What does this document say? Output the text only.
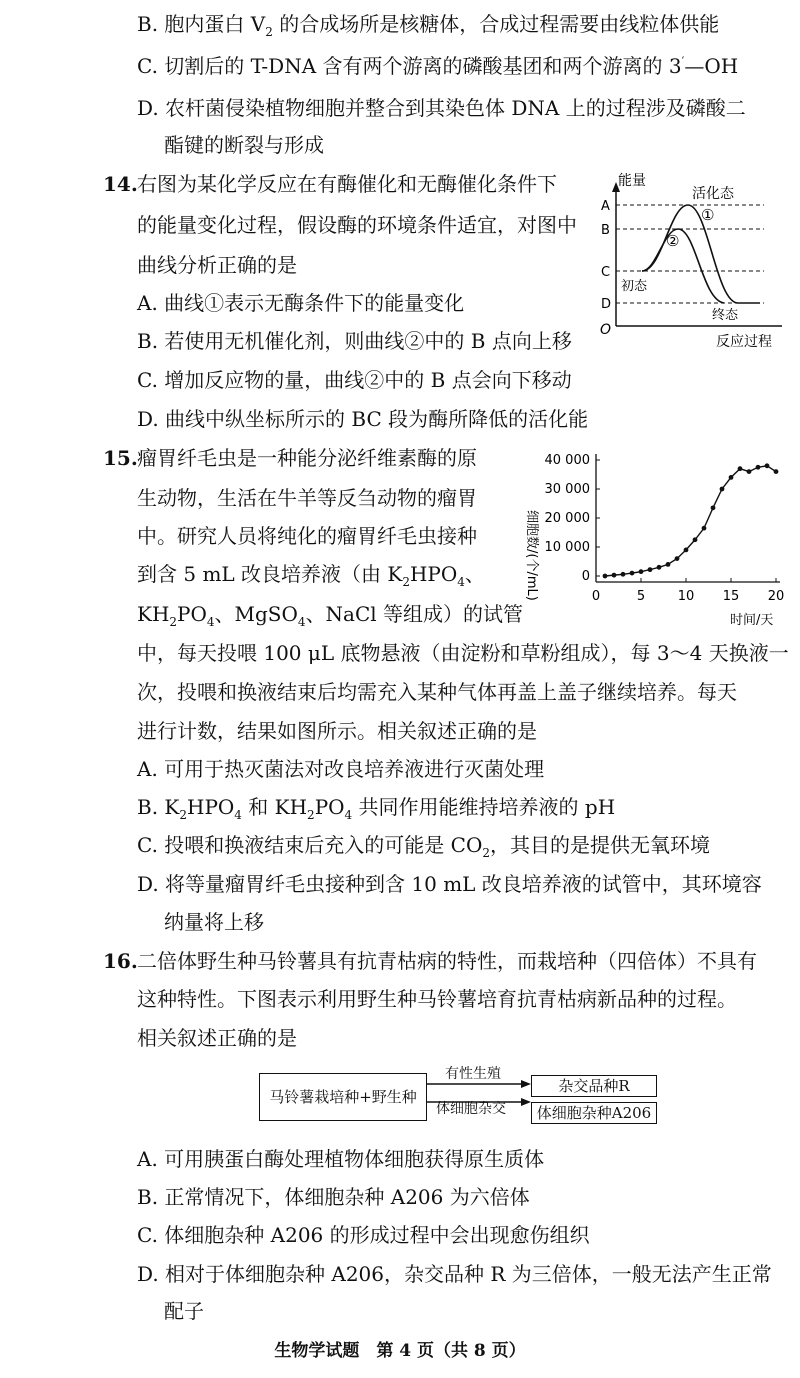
B. 胞内蛋白 $V_2$ 的合成场所是核糖体，合成过程需要由线粒体供能
C. 切割后的 T-DNA 含有两个游离的磷酸基团和两个游离的 3′—OH
D. 农杆菌侵染植物细胞并整合到其染色体 DNA 上的过程涉及磷酸二
酯键的断裂与形成
14. 右图为某化学反应在有酶催化和无酶催化条件下
的能量变化过程，假设酶的环境条件适宜，对图中
曲线分析正确的是
A. 曲线①表示无酶条件下的能量变化
B. 若使用无机催化剂，则曲线②中的 B 点向上移
C. 增加反应物的量，曲线②中的 B 点会向下移动
D. 曲线中纵坐标所示的 BC 段为酶所降低的活化能
能量
O
反应过程
A
B
C
D
活化态
①
②
初态
终态
15. 瘤胃纤毛虫是一种能分泌纤维素酶的原
生动物，生活在牛羊等反刍动物的瘤胃
中。研究人员将纯化的瘤胃纤毛虫接种
到含 5 mL 改良培养液（由 $K_2HPO_4$、
$KH_2PO_4$、MgSO$_4$、NaCl 等组成）的试管
中，每天投喂 100 μL 底物悬液（由淀粉和草粉组成），每 3～4 天换液一
次，投喂和换液结束后均需充入某种气体再盖上盖子继续培养。每天
进行计数，结果如图所示。相关叙述正确的是
A. 可用于热灭菌法对改良培养液进行灭菌处理
B. $K_2HPO_4$ 和 $KH_2PO_4$ 共同作用能维持培养液的 pH
C. 投喂和换液结束后充入的可能是 $CO_2$，其目的是提供无氧环境
D. 将等量瘤胃纤毛虫接种到含 10 mL 改良培养液的试管中，其环境容
纳量将上移
细胞数/(个/mL)
时间/天
0
10 000
20 000
30 000
40 000
0	5	10 15 20
16. 二倍体野生种马铃薯具有抗青枯病的特性，而栽培种（四倍体）不具有
这种特性。下图表示利用野生种马铃薯培育抗青枯病新品种的过程。
相关叙述正确的是
马铃薯栽培种+野生种
有性生殖
体细胞杂交
杂交品种R
体细胞杂种A206
A. 可用胰蛋白酶处理植物体细胞获得原生质体
B. 正常情况下，体细胞杂种 A206 为六倍体
C. 体细胞杂种 A206 的形成过程中会出现愈伤组织
D. 相对于体细胞杂种 A206，杂交品种 R 为三倍体，一般无法产生正常
配子
生物学试题　第 4 页（共 8 页）
